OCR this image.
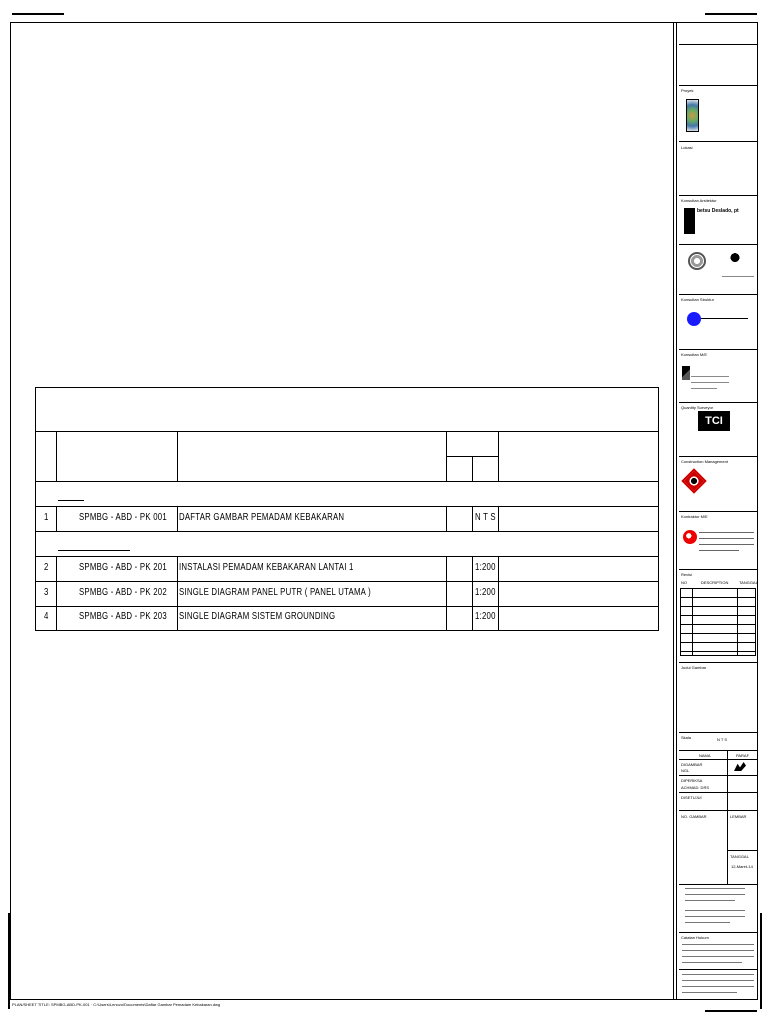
1	SPMBG - ABD - PK 001 DAFTAR GAMBAR PEMADAM KEBAKARAN	N T S
2	SPMBG - ABD - PK 201 INSTALASI PEMADAM KEBAKARAN LANTAI 1	1:200
3	SPMBG - ABD - PK 202 SINGLE DIAGRAM PANEL PUTR ( PANEL UTAMA )	1:200
4	SPMBG - ABD - PK 203 SINGLE DIAGRAM SISTEM GROUNDING	1:200
Proyek
Lokasi
Konsultan Arsitektur
betsu Deslado, pt
Konsultan Struktur
Konsultan M/E
Quantity Surveyor
TCI
Construction Management
Kontraktor M/E
Revisi
NO	DESCRIPTION	TANGGAL
Judul Gambar
Skala	N T S
NAMA	PARAF
DIGAMBAR
NGL
DIPERIKSA
ACHMAD. DRS
DISETUJUI
NO. GAMBAR	LEMBAR
TANGGAL
12-Maret-14
Catatan Hukum
PLAN/SHEET TITLE: SPMBG-ABD-PK-001 · C:\Users\Lenovo\Documents\Daftar Gambar Pemadam Kebakaran.dwg
